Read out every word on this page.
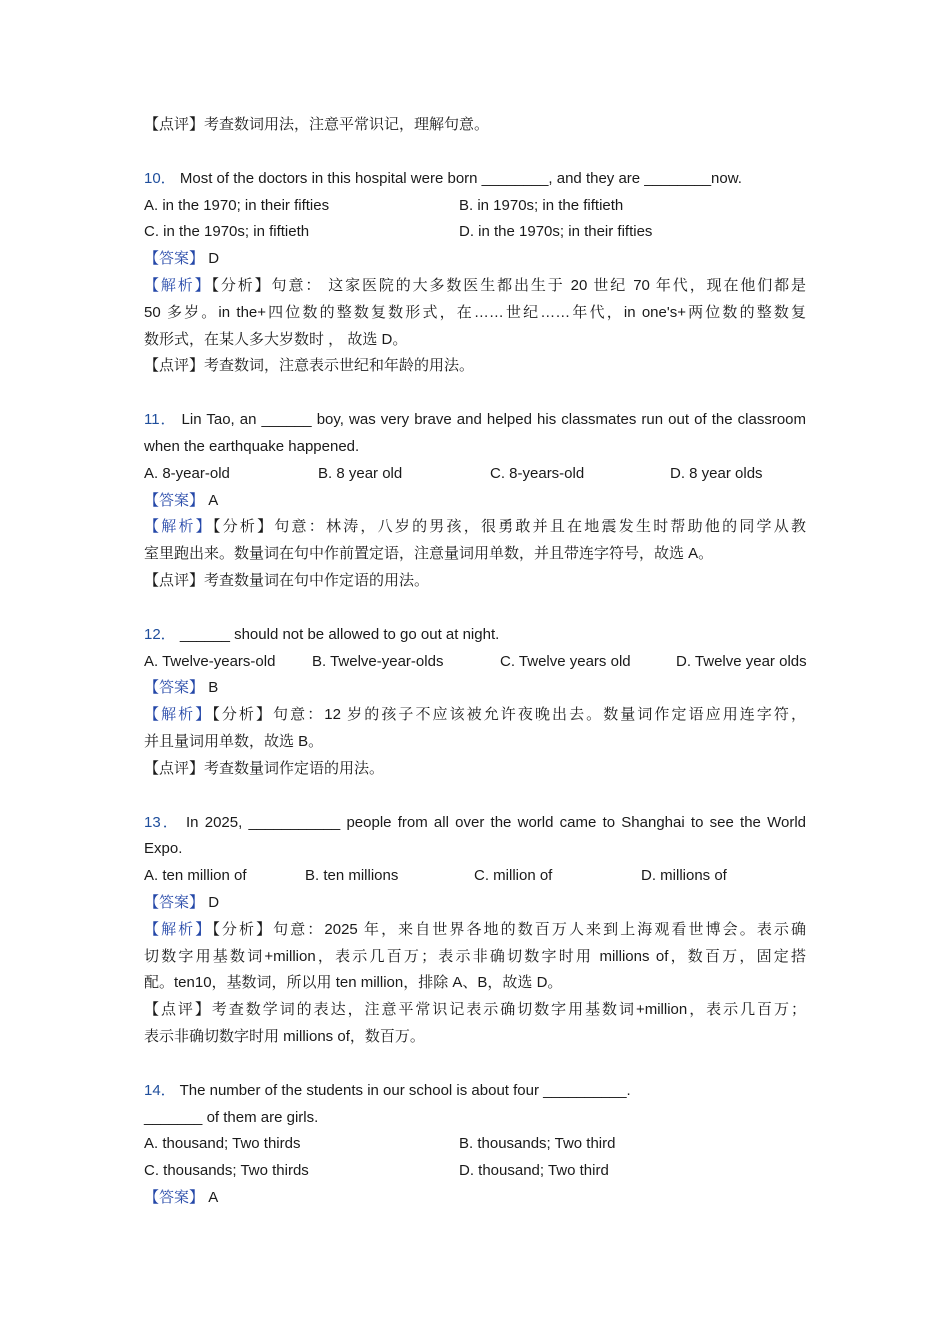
【点评】考查数词用法，注意平常识记，理解句意。
10． Most of the doctors in this hospital were born ________, and they are ________now.
A. in the 1970; in their fifties	B. in 1970s; in the fiftieth
C. in the 1970s; in fiftieth	D. in the 1970s; in their fifties
【答案】 D
【解析】【分析】句意： 这家医院的大多数医生都出生于 20 世纪 70 年代，现在他们都是
50 多岁。in the+四位数的整数复数形式，在……世纪……年代，in one's+两位数的整数复
数形式，在某人多大岁数时 ， 故选 D。
【点评】考查数词，注意表示世纪和年龄的用法。
11． Lin Tao, an ______ boy, was very brave and helped his classmates run out of the classroom
when the earthquake happened.
A. 8-year-old	B. 8 year old	C. 8-years-old	D. 8 year olds
【答案】 A
【解析】【分析】句意：林涛，八岁的男孩，很勇敢并且在地震发生时帮助他的同学从教
室里跑出来。数量词在句中作前置定语，注意量词用单数，并且带连字符号，故选 A。
【点评】考查数量词在句中作定语的用法。
12． ______ should not be allowed to go out at night.
A. Twelve-years-old B. Twelve-year-olds	C. Twelve years old	D. Twelve year olds
【答案】 B
【解析】【分析】句意：12 岁的孩子不应该被允许夜晚出去。数量词作定语应用连字符，
并且量词用单数，故选 B。
【点评】考查数量词作定语的用法。
13． In 2025, ___________ people from all over the world came to Shanghai to see the World
Expo.
A. ten million of	B. ten millions	C. million of	D. millions of
【答案】 D
【解析】【分析】句意：2025 年，来自世界各地的数百万人来到上海观看世博会。表示确
切数字用基数词+million，表示几百万；表示非确切数字时用 millions of，数百万，固定搭
配。ten10，基数词，所以用 ten million，排除 A、B，故选 D。
【点评】考查数学词的表达，注意平常识记表示确切数字用基数词+million，表示几百万；
表示非确切数字时用 millions of，数百万。
14． The number of the students in our school is about four __________.
_______ of them are girls.
A. thousand; Two thirds	B. thousands; Two third
C. thousands; Two thirds	D. thousand; Two third
【答案】 A
